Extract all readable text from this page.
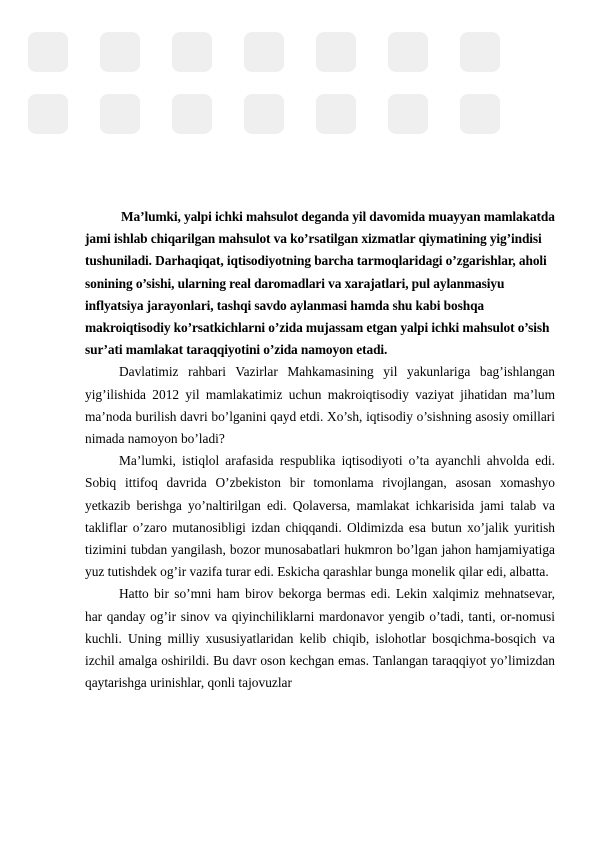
Ma’lumki, yalpi ichki mahsulot deganda yil davomida muayyan mamlakatda jami ishlab chiqarilgan mahsulot va ko’rsatilgan xizmatlar qiymatining yig’indisi tushuniladi. Darhaqiqat, iqtisodiyotning barcha tarmoqlaridagi o’zgarishlar, aholi sonining o’sishi, ularning real daromadlari va xarajatlari, pul aylanmasiyu inflyatsiya jarayonlari, tashqi savdo aylanmasi hamda shu kabi boshqa makroiqtisodiy ko’rsatkichlarni o’zida mujassam etgan yalpi ichki mahsulot o’sish sur’ati mamlakat taraqqiyotini o’zida namoyon etadi.

Davlatimiz rahbari Vazirlar Mahkamasining yil yakunlariga bag’ishlangan yig’ilishida 2012 yil mamlakatimiz uchun makroiqtisodiy vaziyat jihatidan ma’lum ma’noda burilish davri bo’lganini qayd etdi. Xo’sh, iqtisodiy o’sishning asosiy omillari nimada namoyon bo’ladi?

Ma’lumki, istiqlol arafasida respublika iqtisodiyoti o’ta ayanchli ahvolda edi. Sobiq ittifoq davrida O’zbekiston bir tomonlama rivojlangan, asosan xomashyo yetkazib berishga yo’naltirilgan edi. Qolaversa, mamlakat ichkarisida jami talab va takliflar o’zaro mutanosibligi izdan chiqqandi. Oldimizda esa butun xo’jalik yuritish tizimini tubdan yangilash, bozor munosabatlari hukmron bo’lgan jahon hamjamiyatiga yuz tutishdek og’ir vazifa turar edi. Eskicha qarashlar bunga monelik qilar edi, albatta.

Hatto bir so’mni ham birov bekorga bermas edi. Lekin xalqimiz mehnatsevar, har qanday og’ir sinov va qiyinchiliklarni mardonavor yengib o’tadi, tanti, or-nomusi kuchli. Uning milliy xususiyatlaridan kelib chiqib, islohotlar bosqichma-bosqich va izchil amalga oshirildi. Bu davr oson kechgan emas. Tanlangan taraqqiyot yo’limizdan qaytarishga urinishlar, qonli tajovuzlar
